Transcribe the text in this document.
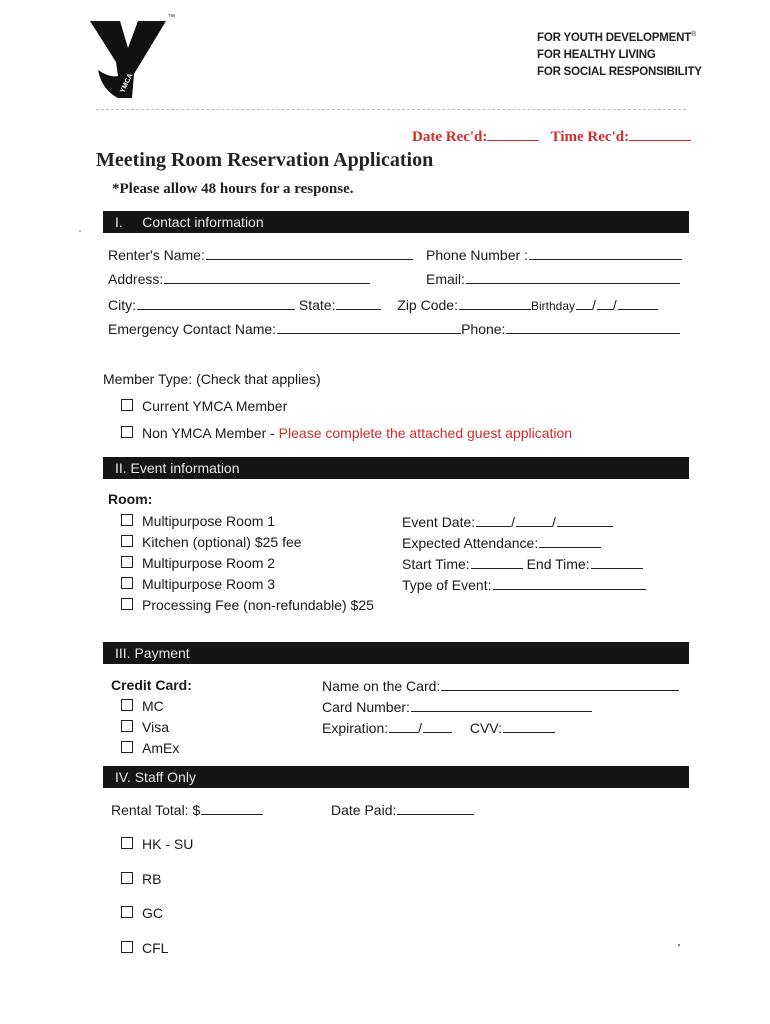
YMCA
™
FOR YOUTH DEVELOPMENT®
FOR HEALTHY LIVING
FOR SOCIAL RESPONSIBILITY
Date Rec'd:	Time Rec'd:
Meeting Room Reservation Application
*Please allow 48 hours for a response.
I.     Contact information
Renter's Name:	Phone Number :
Address:	Email:
City:	State:	Zip Code:	Birthday / /
Emergency Contact Name:	Phone:
Member Type: (Check that applies)
Current YMCA Member
Non YMCA Member - Please complete the attached guest application
II. Event information
Room:
Multipurpose Room 1
Kitchen (optional) $25 fee
Multipurpose Room 2
Multipurpose Room 3
Processing Fee (non-refundable) $25
Event Date:	/	/
Expected Attendance:
Start Time:	End Time:
Type of Event:
III. Payment
Credit Card:
MC
Visa
AmEx
Name on the Card:
Card Number:
Expiration: /	CVV:
IV. Staff Only
Rental Total: $	Date Paid:
HK - SU
RB
GC
CFL
